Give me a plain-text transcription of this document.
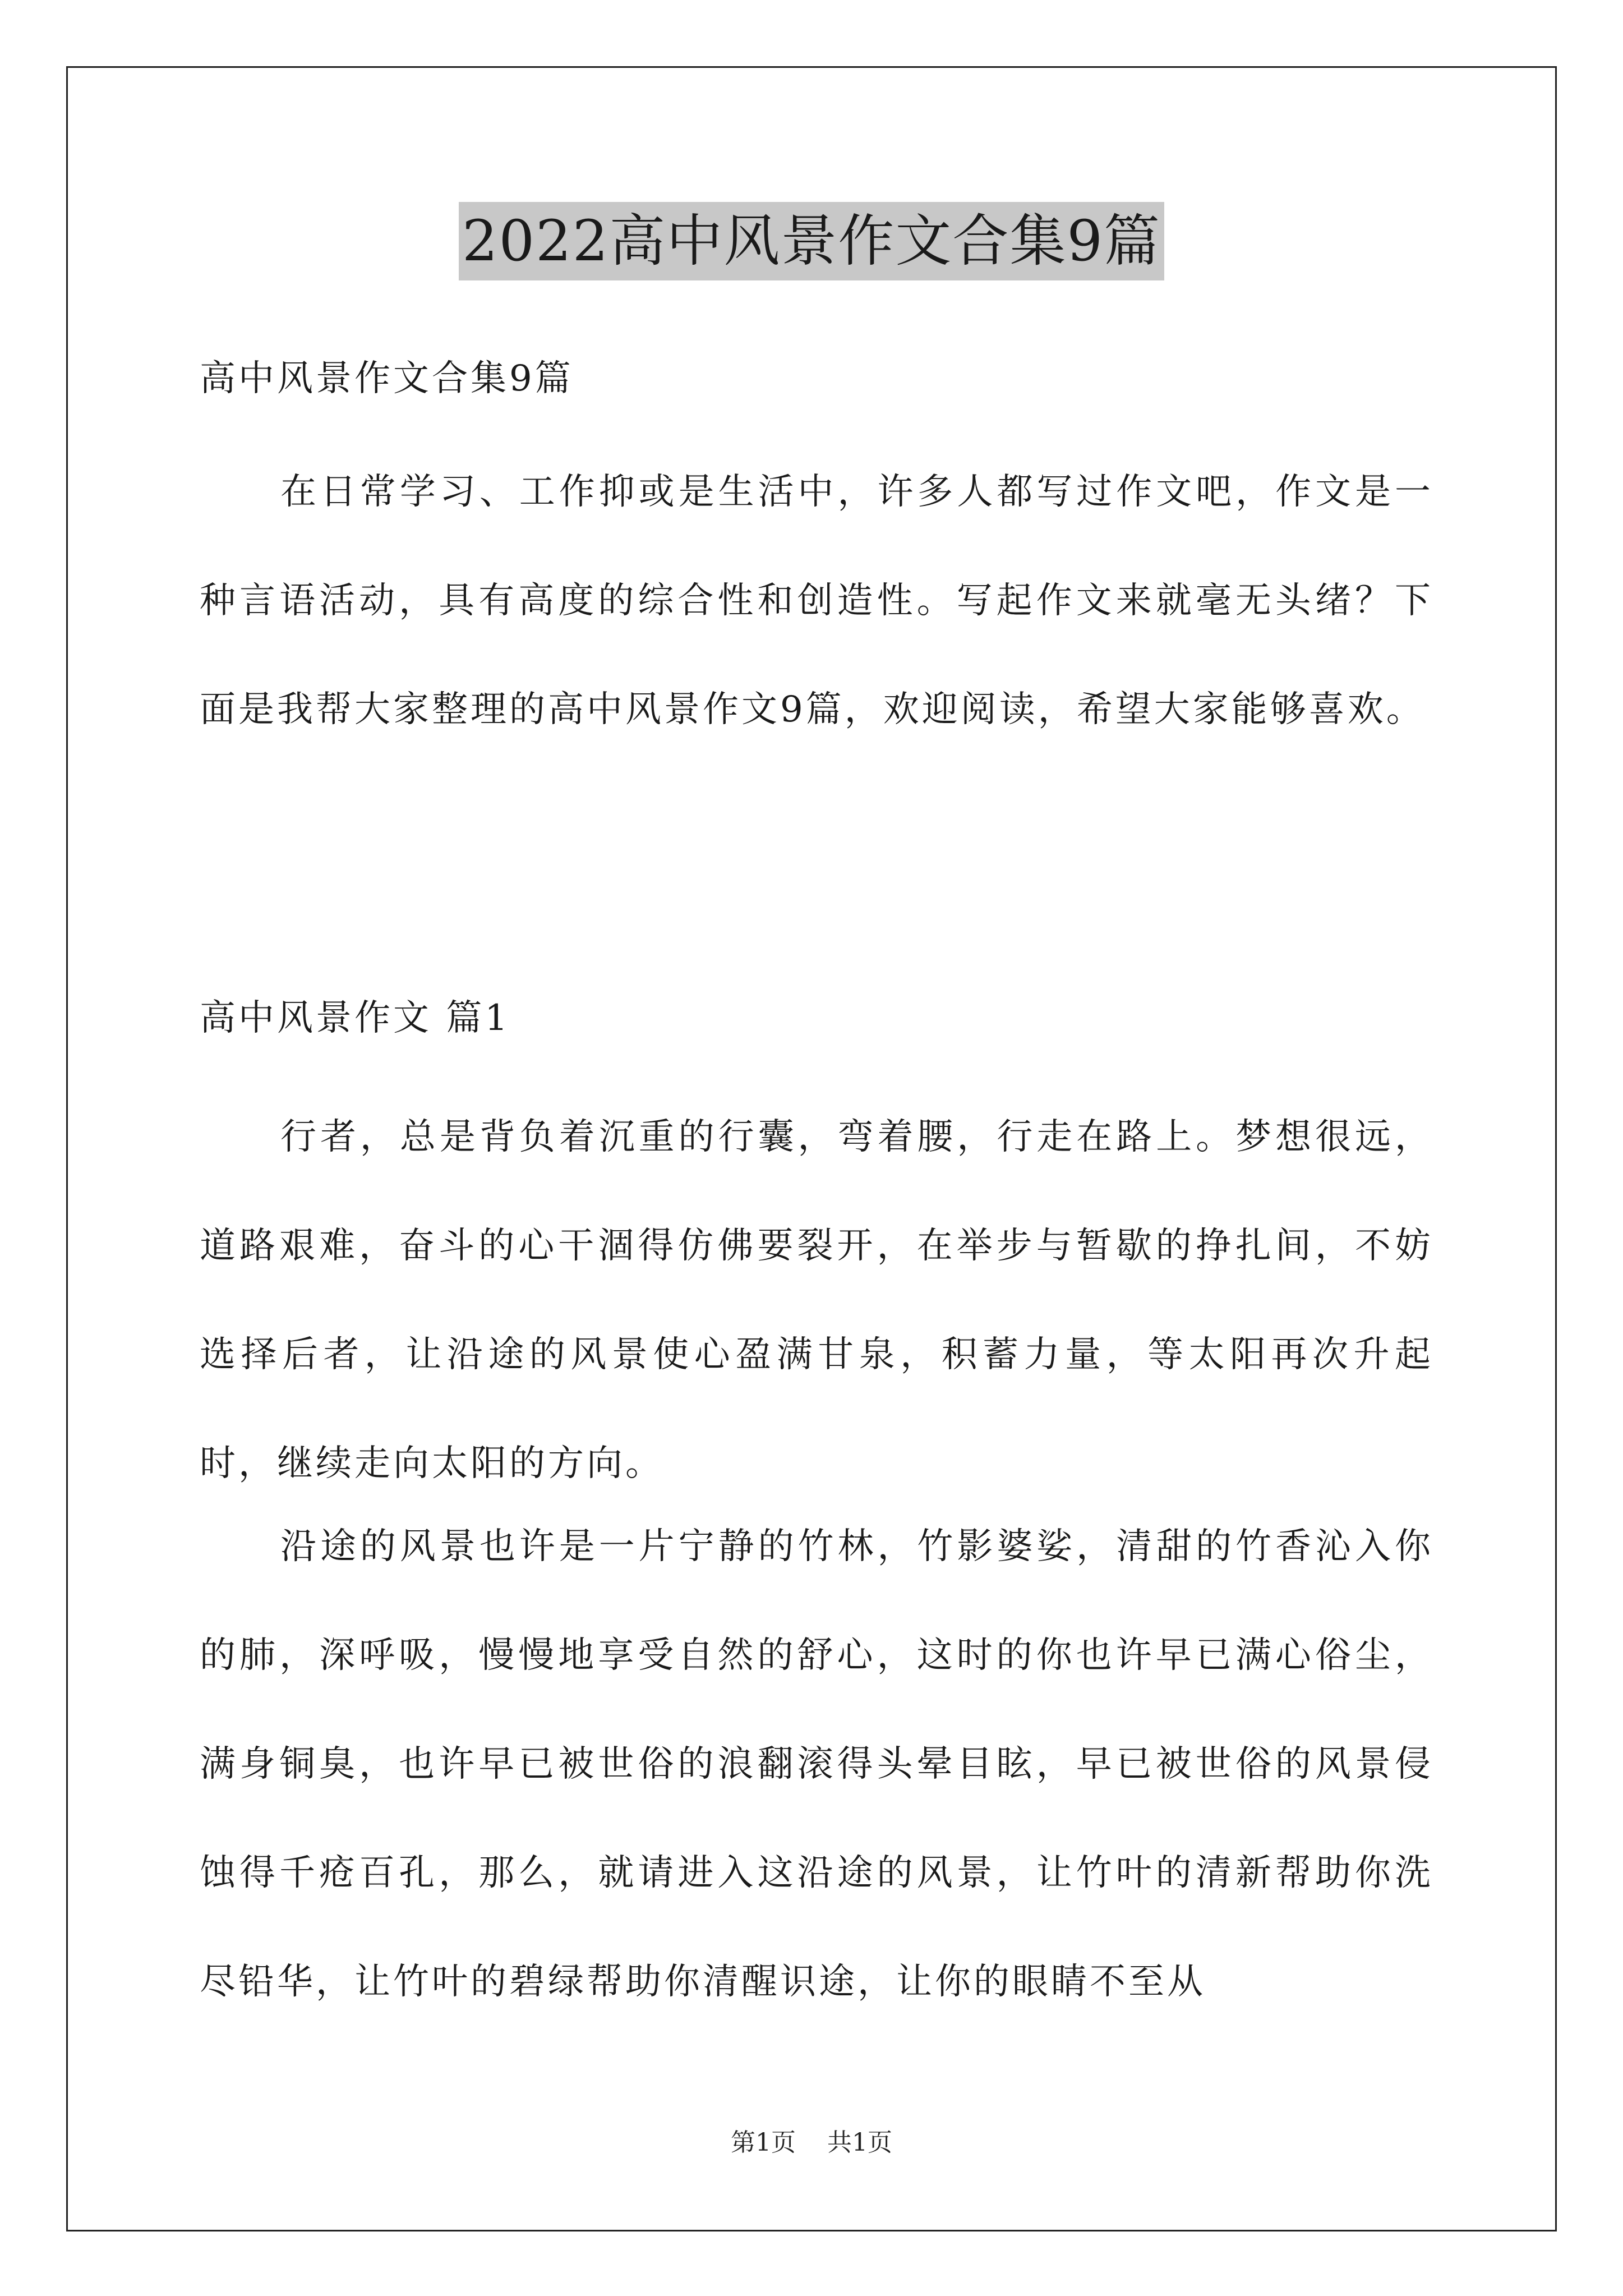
2022高中风景作文合集9篇

高中风景作文合集9篇

在日常学习、工作抑或是生活中，许多人都写过作文吧，作文是一种言语活动，具有高度的综合性和创造性。写起作文来就毫无头绪？下面是我帮大家整理的高中风景作文9篇，欢迎阅读，希望大家能够喜欢。

高中风景作文 篇1

行者，总是背负着沉重的行囊，弯着腰，行走在路上。梦想很远，道路艰难，奋斗的心干涸得仿佛要裂开，在举步与暂歇的挣扎间，不妨选择后者，让沿途的风景使心盈满甘泉，积蓄力量，等太阳再次升起时，继续走向太阳的方向。

沿途的风景也许是一片宁静的竹林，竹影婆娑，清甜的竹香沁入你的肺，深呼吸，慢慢地享受自然的舒心，这时的你也许早已满心俗尘，满身铜臭，也许早已被世俗的浪翻滚得头晕目眩，早已被世俗的风景侵蚀得千疮百孔，那么，就请进入这沿途的风景，让竹叶的清新帮助你洗尽铅华，让竹叶的碧绿帮助你清醒识途，让你的眼睛不至从

第1页    共1页
